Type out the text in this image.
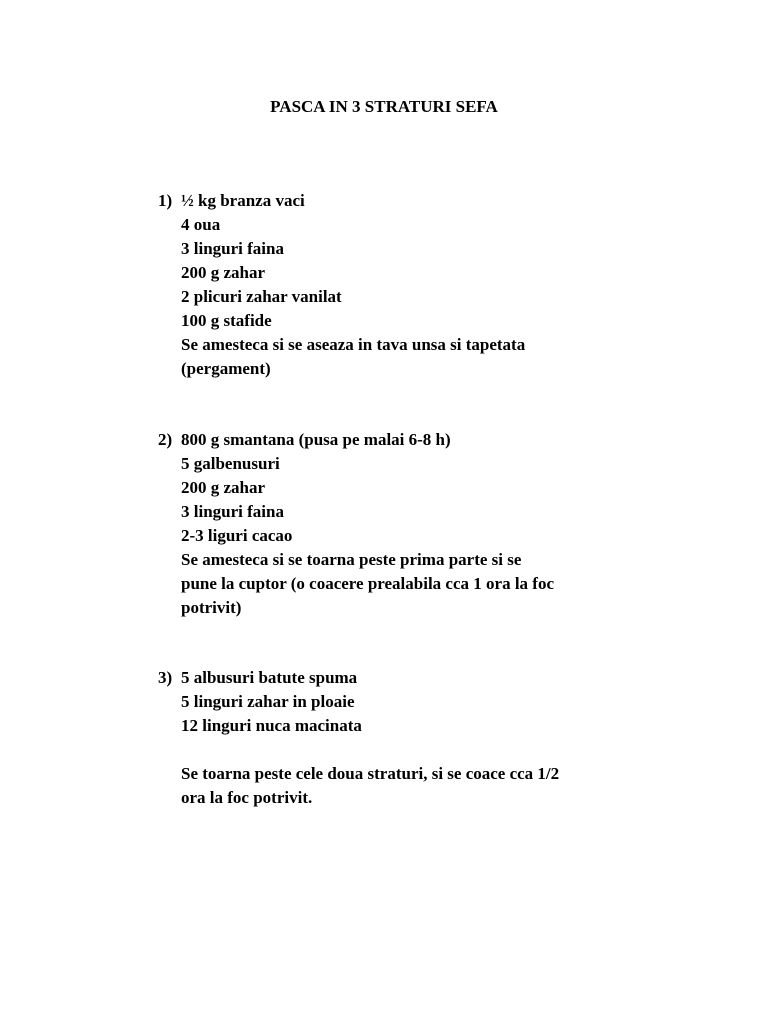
PASCA IN 3 STRATURI SEFA
1) ½ kg branza vaci
4 oua
3 linguri faina
200 g zahar
2 plicuri zahar vanilat
100 g stafide
Se amesteca si se aseaza in tava unsa si tapetata
(pergament)
2) 800 g smantana (pusa pe malai 6-8 h)
5 galbenusuri
200 g zahar
3 linguri faina
2-3 liguri cacao
Se amesteca si se toarna peste prima parte si se
pune la cuptor (o coacere prealabila cca 1 ora la foc
potrivit)
3) 5 albusuri batute spuma
5 linguri zahar in ploaie
12 linguri nuca macinata
Se toarna peste cele doua straturi, si se coace cca 1/2
ora la foc potrivit.
